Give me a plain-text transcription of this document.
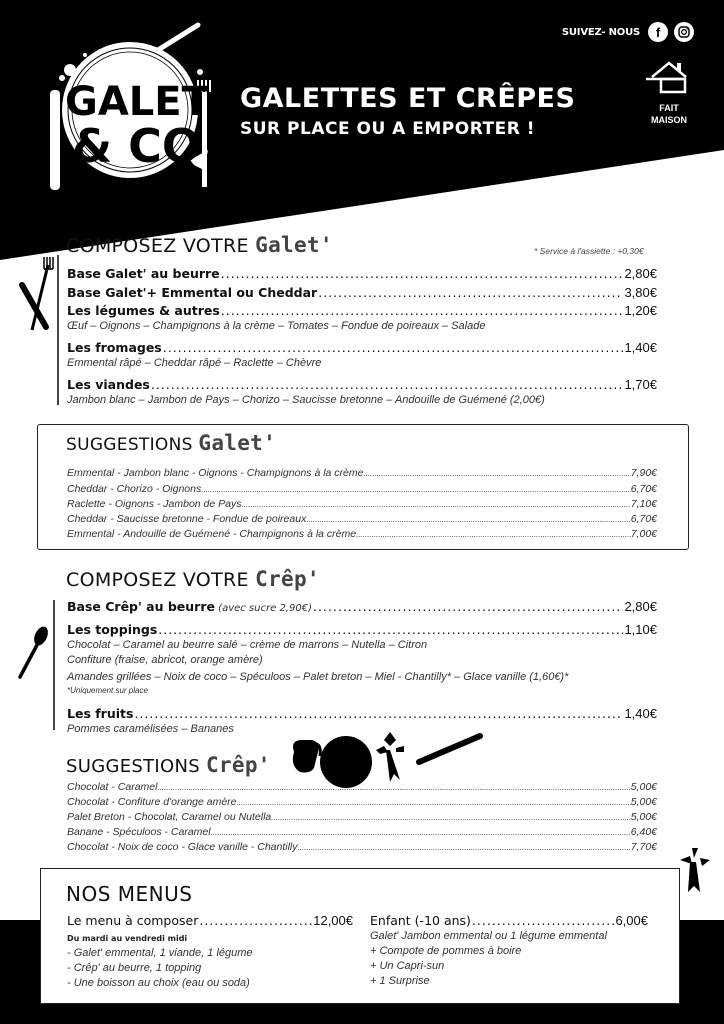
GALET
& CO
SUIVEZ- NOUS	f
FAIT
MAISON
GALETTES ET CRÊPES
SUR PLACE OU A EMPORTER !
COMPOSEZ VOTRE Galet'	* Service à l'assiette : +0,30€
Base Galet' au beurre .....	2,80€
Base Galet'+ Emmental ou Cheddar .....	3,80€
Les légumes & autres .....	1,20€
Œuf – Oignons – Champignons à la crème – Tomates – Fondue de poireaux – Salade
Les fromages .....	1,40€
Emmental râpé – Cheddar râpé – Raclette – Chèvre
Les viandes .....	1,70€
Jambon blanc – Jambon de Pays – Chorizo – Saucisse bretonne – Andouille de Guémené (2,00€)
SUGGESTIONS Galet'
Emmental - Jambon blanc - Oignons - Champignons à la crème .....	7,90€
Cheddar - Chorizo - Oignons .....	6,70€
Raclette - Oignons - Jambon de Pays .....	7,10€
Cheddar - Saucisse bretonne - Fondue de poireaux .....	6,70€
Emmental - Andouille de Guémené - Champignons à la crème .....	7,00€
COMPOSEZ VOTRE Crêp'
Base Crêp' au beurre (avec sucre 2,90€) .....	2,80€
Les toppings .....	1,10€
Chocolat – Caramel au beurre salé – crème de marrons – Nutella – Citron
Confiture (fraise, abricot, orange amère)
Amandes grillées – Noix de coco – Spéculoos – Palet breton – Miel - Chantilly* – Glace vanille (1,60€)*
*Uniquement sur place
Les fruits .....	1,40€
Pommes caramélisées – Bananes
SUGGESTIONS Crêp'
Chocolat - Caramel .....	5,00€
Chocolat - Confiture d'orange amère .....	5,00€
Palet Breton - Chocolat, Caramel ou Nutella .....	5,00€
Banane - Spéculoos - Caramel .....	6,40€
Chocolat - Noix de coco - Glace vanille - Chantilly .....	7,70€
NOS MENUS
Le menu à composer .....	12,00€
Du mardi au vendredi midi
- Galet' emmental, 1 viande, 1 légume
- Crêp' au beurre, 1 topping
- Une boisson au choix (eau ou soda)
Enfant (-10 ans) .....	6,00€
Galet' Jambon emmental ou 1 légume emmental
+ Compote de pommes à boire
+ Un Capri-sun
+ 1 Surprise
